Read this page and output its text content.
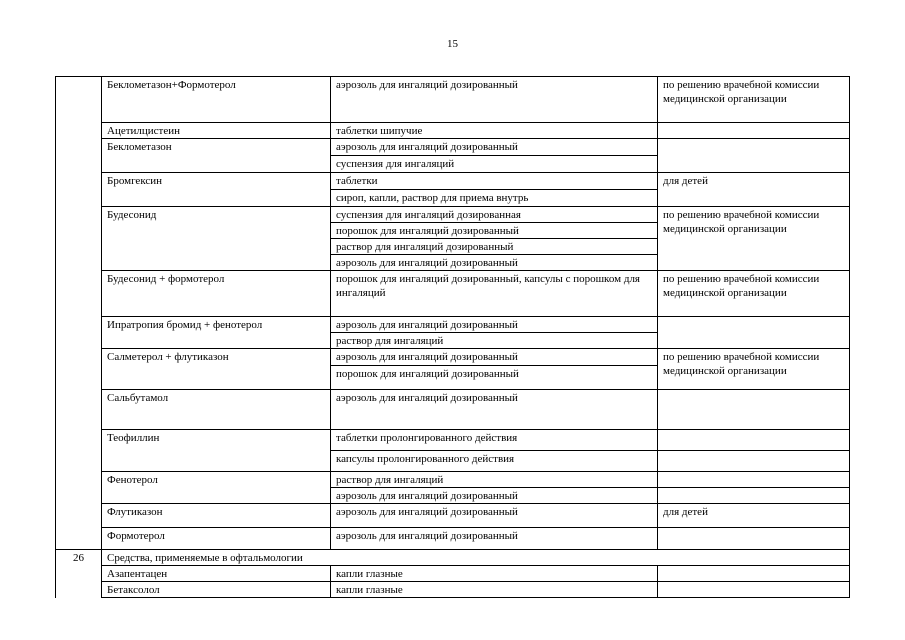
15
	Беклометазон+Формотерол	аэрозоль для ингаляций дозированный	по решению врачебной комиссии медицинской организации
	Ацетилцистеин	таблетки шипучие	
	Беклометазон	аэрозоль для ингаляций дозированный	
		суспензия для ингаляций	
	Бромгексин	таблетки	для детей
		сироп, капли, раствор для приема внутрь	
	Будесонид	суспензия для ингаляций дозированная	по решению врачебной комиссии медицинской организации
		порошок для ингаляций дозированный	
		раствор для ингаляций дозированный	
		аэрозоль для ингаляций дозированный	
	Будесонид + формотерол	порошок для ингаляций дозированный, капсулы с порошком для ингаляций	по решению врачебной комиссии медицинской организации
	Ипратропия бромид + фенотерол	аэрозоль для ингаляций дозированный	
		раствор для ингаляций	
	Салметерол + флутиказон	аэрозоль для ингаляций дозированный	по решению врачебной комиссии медицинской организации
		порошок для ингаляций дозированный	
	Сальбутамол	аэрозоль для ингаляций дозированный	
	Теофиллин	таблетки пролонгированного действия	
		капсулы пролонгированного действия	
	Фенотерол	раствор для ингаляций	
		аэрозоль для ингаляций дозированный	
	Флутиказон	аэрозоль для ингаляций дозированный	для детей
	Формотерол	аэрозоль для ингаляций дозированный	
26	Средства, применяемые в офтальмологии		
	Азапентацен	капли глазные	
	Бетаксолол	капли глазные	
